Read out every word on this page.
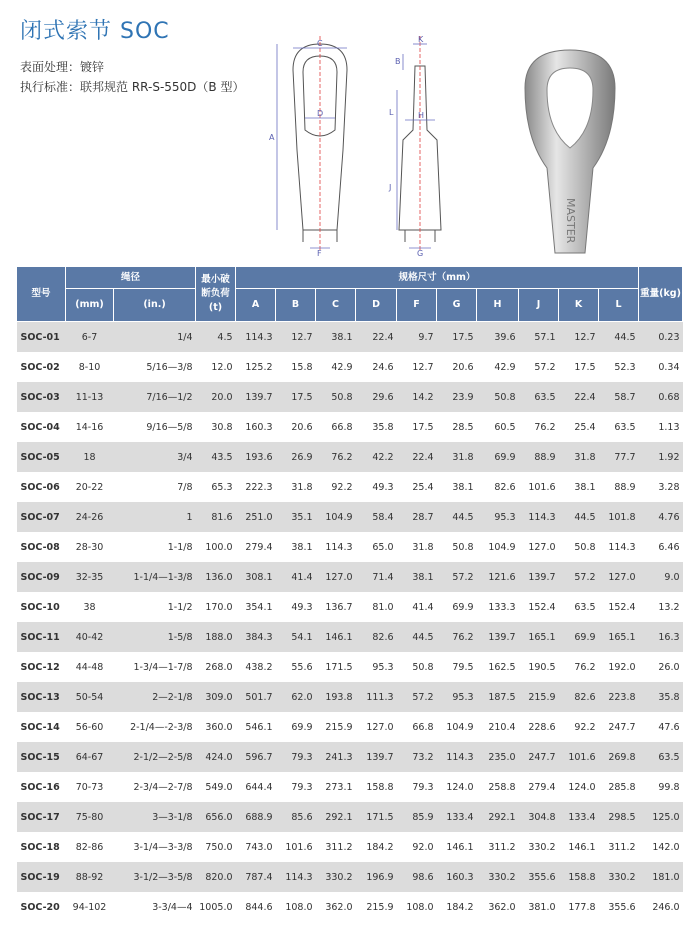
闭式索节 SOC
表面处理：镀锌
执行标准：联邦规范 RR-S-550D（B 型）
C
D
A
F
K
B
L	H
J
G
MASTER
型号	绳径		最小破断负荷(t)	规格尺寸（mm）										重量(kg)
	(mm)	(in.)		A	B	C	D	F	G	H	J	K	L	
SOC-01	6-7	1/4	4.5	114.3	12.7	38.1	22.4	9.7	17.5	39.6	57.1	12.7	44.5	0.23
SOC-02	8-10	5/16—3/8	12.0	125.2	15.8	42.9	24.6	12.7	20.6	42.9	57.2	17.5	52.3	0.34
SOC-03	11-13	7/16—1/2	20.0	139.7	17.5	50.8	29.6	14.2	23.9	50.8	63.5	22.4	58.7	0.68
SOC-04	14-16	9/16—5/8	30.8	160.3	20.6	66.8	35.8	17.5	28.5	60.5	76.2	25.4	63.5	1.13
SOC-05	18	3/4	43.5	193.6	26.9	76.2	42.2	22.4	31.8	69.9	88.9	31.8	77.7	1.92
SOC-06	20-22	7/8	65.3	222.3	31.8	92.2	49.3	25.4	38.1	82.6	101.6	38.1	88.9	3.28
SOC-07	24-26	1	81.6	251.0	35.1	104.9	58.4	28.7	44.5	95.3	114.3	44.5	101.8	4.76
SOC-08	28-30	1-1/8	100.0	279.4	38.1	114.3	65.0	31.8	50.8	104.9	127.0	50.8	114.3	6.46
SOC-09	32-35	1-1/4—1-3/8	136.0	308.1	41.4	127.0	71.4	38.1	57.2	121.6	139.7	57.2	127.0	9.0
SOC-10	38	1-1/2	170.0	354.1	49.3	136.7	81.0	41.4	69.9	133.3	152.4	63.5	152.4	13.2
SOC-11	40-42	1-5/8	188.0	384.3	54.1	146.1	82.6	44.5	76.2	139.7	165.1	69.9	165.1	16.3
SOC-12	44-48	1-3/4—1-7/8	268.0	438.2	55.6	171.5	95.3	50.8	79.5	162.5	190.5	76.2	192.0	26.0
SOC-13	50-54	2—2-1/8	309.0	501.7	62.0	193.8	111.3	57.2	95.3	187.5	215.9	82.6	223.8	35.8
SOC-14	56-60	2-1/4—-2-3/8	360.0	546.1	69.9	215.9	127.0	66.8	104.9	210.4	228.6	92.2	247.7	47.6
SOC-15	64-67	2-1/2—2-5/8	424.0	596.7	79.3	241.3	139.7	73.2	114.3	235.0	247.7	101.6	269.8	63.5
SOC-16	70-73	2-3/4—2-7/8	549.0	644.4	79.3	273.1	158.8	79.3	124.0	258.8	279.4	124.0	285.8	99.8
SOC-17	75-80	3—3-1/8	656.0	688.9	85.6	292.1	171.5	85.9	133.4	292.1	304.8	133.4	298.5	125.0
SOC-18	82-86	3-1/4—3-3/8	750.0	743.0	101.6	311.2	184.2	92.0	146.1	311.2	330.2	146.1	311.2	142.0
SOC-19	88-92	3-1/2—3-5/8	820.0	787.4	114.3	330.2	196.9	98.6	160.3	330.2	355.6	158.8	330.2	181.0
SOC-20	94-102	3-3/4—4	1005.0	844.6	108.0	362.0	215.9	108.0	184.2	362.0	381.0	177.8	355.6	246.0
